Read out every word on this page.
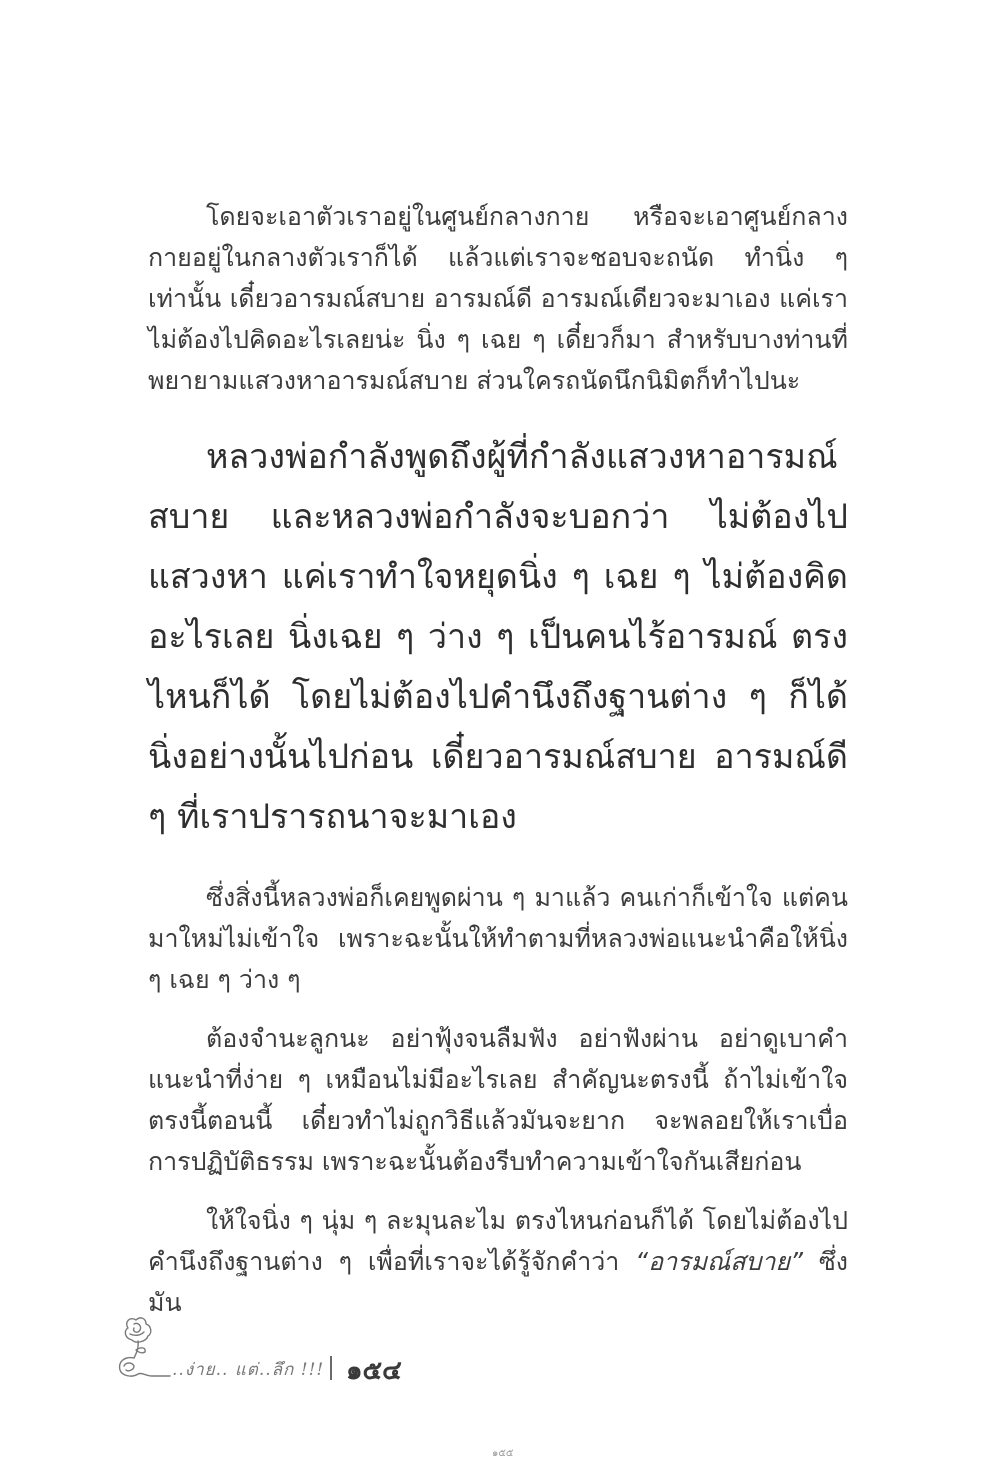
โดยจะเอาตัวเราอยู่ในศูนย์กลางกาย หรือจะเอาศูนย์กลางกายอยู่ในกลางตัวเราก็ได้ แล้วแต่เราจะชอบจะถนัด ทำนิ่ง ๆ เท่านั้น เดี๋ยวอารมณ์สบาย อารมณ์ดี อารมณ์เดียวจะมาเอง แค่เราไม่ต้องไปคิดอะไรเลยน่ะ นิ่ง ๆ เฉย ๆ เดี๋ยวก็มา สำหรับบางท่านที่พยายามแสวงหาอารมณ์สบาย ส่วนใครถนัดนึกนิมิตก็ทำไปนะ

หลวงพ่อกำลังพูดถึงผู้ที่กำลังแสวงหาอารมณ์สบาย และหลวงพ่อกำลังจะบอกว่า ไม่ต้องไปแสวงหา แค่เราทำใจหยุดนิ่ง ๆ เฉย ๆ ไม่ต้องคิดอะไรเลย นิ่งเฉย ๆ ว่าง ๆ เป็นคนไร้อารมณ์ ตรงไหนก็ได้ โดยไม่ต้องไปคำนึงถึงฐานต่าง ๆ ก็ได้ นิ่งอย่างนั้นไปก่อน เดี๋ยวอารมณ์สบาย อารมณ์ดี ๆ ที่เราปรารถนาจะมาเอง

ซึ่งสิ่งนี้หลวงพ่อก็เคยพูดผ่าน ๆ มาแล้ว คนเก่าก็เข้าใจ แต่คนมาใหม่ไม่เข้าใจ เพราะฉะนั้นให้ทำตามที่หลวงพ่อแนะนำคือให้นิ่ง ๆ เฉย ๆ ว่าง ๆ

ต้องจำนะลูกนะ อย่าฟุ้งจนลืมฟัง อย่าฟังผ่าน อย่าดูเบาคำแนะนำที่ง่าย ๆ เหมือนไม่มีอะไรเลย สำคัญนะตรงนี้ ถ้าไม่เข้าใจตรงนี้ตอนนี้ เดี๋ยวทำไม่ถูกวิธีแล้วมันจะยาก จะพลอยให้เราเบื่อการปฏิบัติธรรม เพราะฉะนั้นต้องรีบทำความเข้าใจกันเสียก่อน

ให้ใจนิ่ง ๆ นุ่ม ๆ ละมุนละไม ตรงไหนก่อนก็ได้ โดยไม่ต้องไปคำนึงถึงฐานต่าง ๆ เพื่อที่เราจะได้รู้จักคำว่า “อารมณ์สบาย” ซึ่งมัน

..ง่าย.. แต่..ลึก !!! ๑๕๔
๑๕๕
